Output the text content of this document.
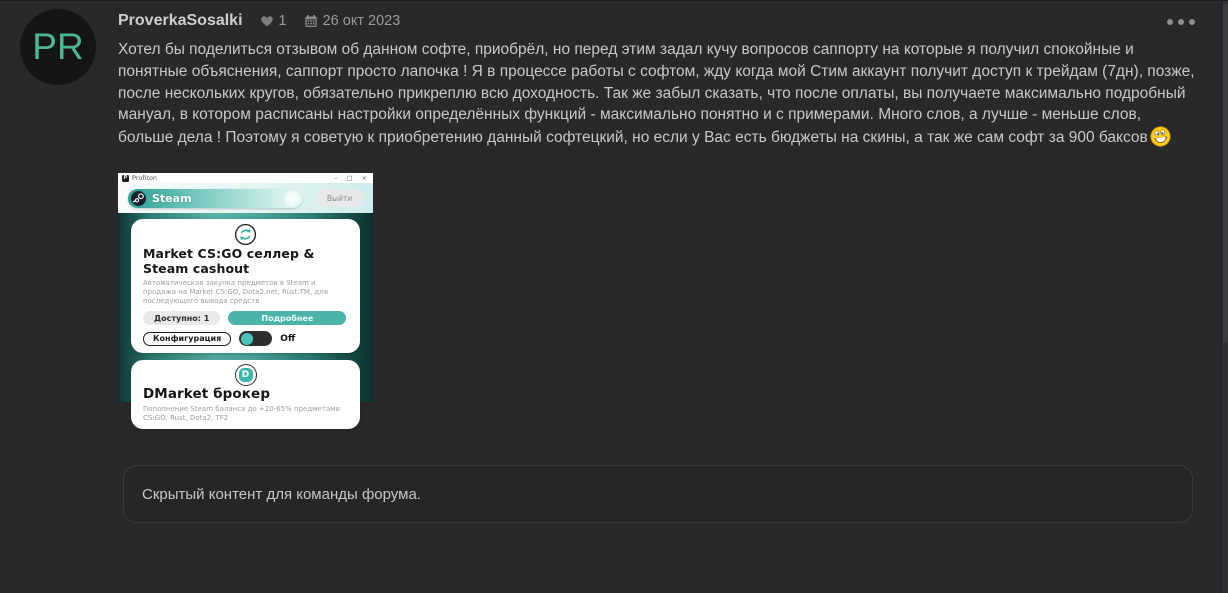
PR
ProverkaSosalki 1 26 окт 2023
Хотел бы поделиться отзывом об данном софте, приобрёл, но перед этим задал кучу вопросов саппорту на которые я получил спокойные и понятные объяснения, саппорт просто лапочка ! Я в процессе работы с софтом, жду когда мой Стим аккаунт получит доступ к трейдам (7дн), позже, после нескольких кругов, обязательно прикреплю всю доходность. Так же забыл сказать, что после оплаты, вы получаете максимально подробный мануал, в котором расписаны настройки определённых функций - максимально понятно и с примерами. Много слов, а лучше - меньше слов, больше дела ! Поэтому я советую к приобретению данный софтецкий, но если у Вас есть бюджеты на скины, а так же сам софт за 900 баксов
P Profiton	– □ ×
Steam	Выйти
Market CS:GO селлер & Steam cashout
Автоматическая закупка предметов в Steam и продажа на Market CS:GO, Dota2.net, Rust.TM, для последующего вывода средств
Доступно: 1	Подробнее
Конфигурация	Off
D
DMarket брокер
Пополнение Steam баланса до +20-65% предметами CS:GO, Rust, Dota2, TF2
Скрытый контент для команды форума.
